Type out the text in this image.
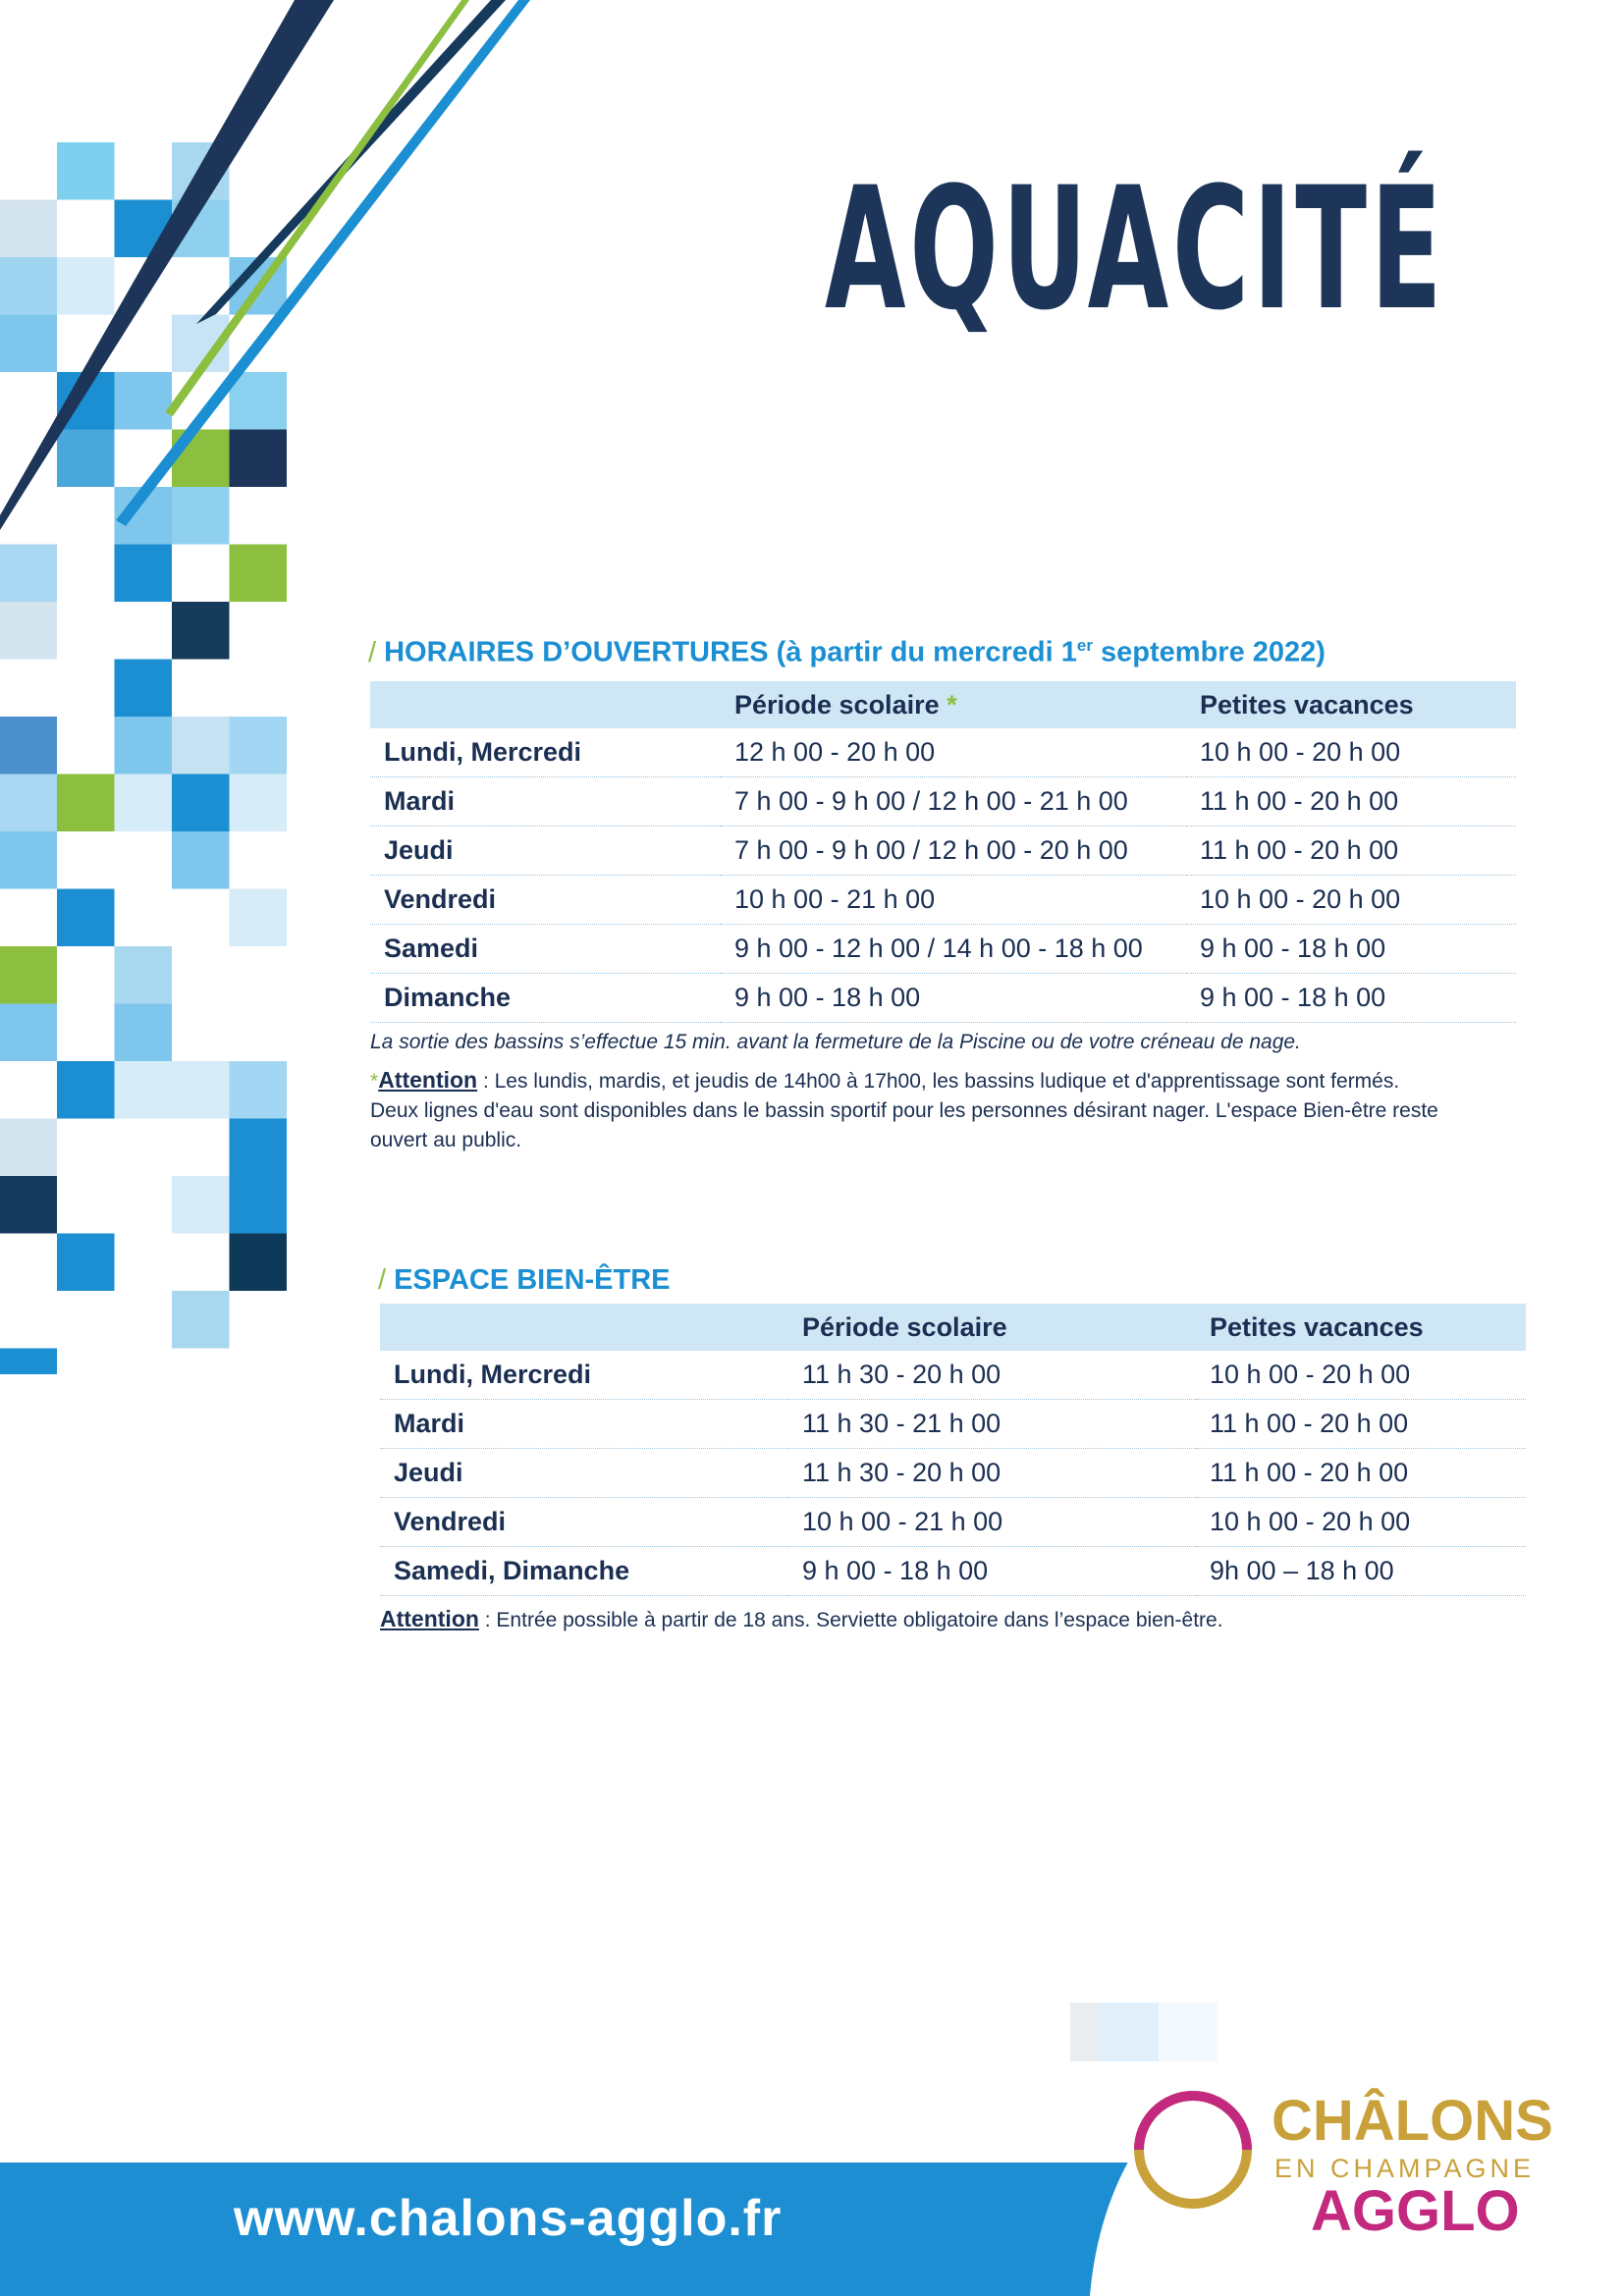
AQUACITÉ
/ HORAIRES D’OUVERTURES (à partir du mercredi 1er septembre 2022)
	Période scolaire *	Petites vacances
Lundi, Mercredi	12 h 00 - 20 h 00	10 h 00 - 20 h 00
Mardi	7 h 00 - 9 h 00 / 12 h 00 - 21 h 00	11 h 00 - 20 h 00
Jeudi	7 h 00 - 9 h 00 / 12 h 00 - 20 h 00	11 h 00 - 20 h 00
Vendredi	10 h 00 - 21 h 00	10 h 00 - 20 h 00
Samedi	9 h 00 - 12 h 00 / 14 h 00 - 18 h 00	9 h 00 - 18 h 00
Dimanche	9 h 00 - 18 h 00	9 h 00 - 18 h 00
La sortie des bassins s’effectue 15 min. avant la fermeture de la Piscine ou de votre créneau de nage.
*Attention : Les lundis, mardis, et jeudis de 14h00 à 17h00, les bassins ludique et d'apprentissage sont fermés.
Deux lignes d'eau sont disponibles dans le bassin sportif pour les personnes désirant nager. L'espace Bien-être reste
ouvert au public.
/ ESPACE BIEN-ÊTRE
	Période scolaire	Petites vacances
Lundi, Mercredi	11 h 30 - 20 h 00	10 h 00 - 20 h 00
Mardi	11 h 30 - 21 h 00	11 h 00 - 20 h 00
Jeudi	11 h 30 - 20 h 00	11 h 00 - 20 h 00
Vendredi	10 h 00 - 21 h 00	10 h 00 - 20 h 00
Samedi, Dimanche	9 h 00 - 18 h 00	9h 00 – 18 h 00
Attention : Entrée possible à partir de 18 ans. Serviette obligatoire dans l’espace bien-être.
www.chalons-agglo.fr
CHÂLONS
EN CHAMPAGNE
AGGLO
